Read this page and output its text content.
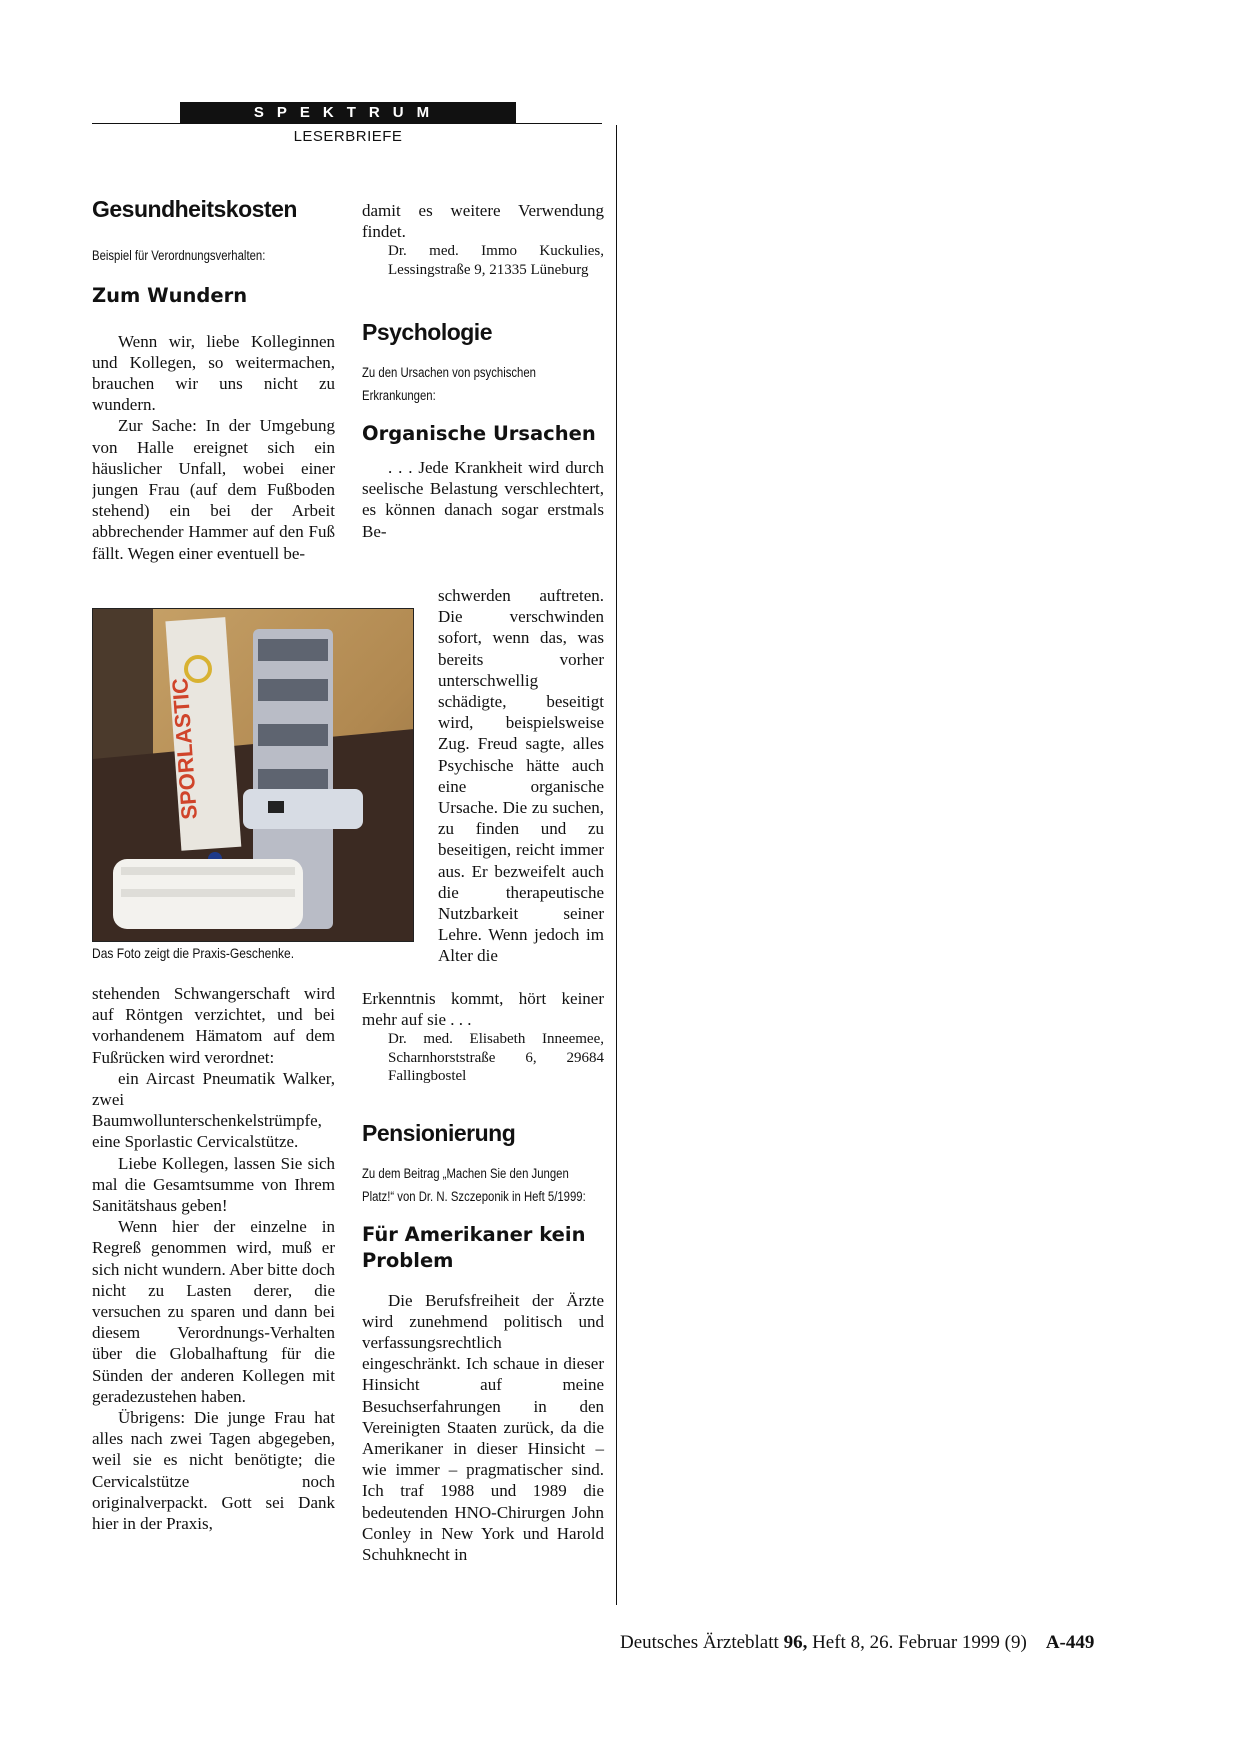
SPEKTRUM
LESERBRIEFE
Gesundheitskosten

Beispiel für Verordnungsverhalten:

Zum Wundern

Wenn wir, liebe Kolleginnen und Kollegen, so weitermachen, brauchen wir uns nicht zu wundern.

Zur Sache: In der Umgebung von Halle ereignet sich ein häuslicher Unfall, wobei einer jungen Frau (auf dem Fußboden stehend) ein bei der Arbeit abbrechender Hammer auf den Fuß fällt. Wegen einer eventuell be-

SPORLASTIC
Das Foto zeigt die Praxis-Geschenke.

stehenden Schwangerschaft wird auf Röntgen verzichtet, und bei vorhandenem Hämatom auf dem Fußrücken wird verordnet:

ein Aircast Pneumatik Walker, zwei Baumwollunterschenkelstrümpfe, eine Sporlastic Cervicalstütze.

Liebe Kollegen, lassen Sie sich mal die Gesamtsumme von Ihrem Sanitätshaus geben!

Wenn hier der einzelne in Regreß genommen wird, muß er sich nicht wundern. Aber bitte doch nicht zu Lasten derer, die versuchen zu sparen und dann bei diesem Verordnungs-Verhalten über die Globalhaftung für die Sünden der anderen Kollegen mit geradezustehen haben.

Übrigens: Die junge Frau hat alles nach zwei Tagen abgegeben, weil sie es nicht benötigte; die Cervicalstütze noch originalverpackt. Gott sei Dank hier in der Praxis,

damit es weitere Verwendung findet.

Dr. med. Immo Kuckulies, Lessingstraße 9, 21335 Lüneburg

Psychologie

Zu den Ursachen von psychischen Erkrankungen:

Organische Ursachen

. . . Jede Krankheit wird durch seelische Belastung verschlechtert, es können danach sogar erstmals Be-

schwerden auftreten. Die verschwinden sofort, wenn das, was bereits vorher unterschwellig schädigte, beseitigt wird, beispielsweise Zug. Freud sagte, alles Psychische hätte auch eine organische Ursache. Die zu suchen, zu finden und zu beseitigen, reicht immer aus. Er bezweifelt auch die therapeutische Nutzbarkeit seiner Lehre. Wenn jedoch im Alter die

Erkenntnis kommt, hört keiner mehr auf sie . . .

Dr. med. Elisabeth Inneemee, Scharnhorststraße 6, 29684 Fallingbostel

Pensionierung

Zu dem Beitrag „Machen Sie den Jungen Platz!“ von Dr. N. Szczeponik in Heft 5/1999:

Für Amerikaner kein Problem

Die Berufsfreiheit der Ärzte wird zunehmend politisch und verfassungsrechtlich eingeschränkt. Ich schaue in dieser Hinsicht auf meine Besuchserfahrungen in den Vereinigten Staaten zurück, da die Amerikaner in dieser Hinsicht – wie immer – pragmatischer sind. Ich traf 1988 und 1989 die bedeutenden HNO-Chirurgen John Conley in New York und Harold Schuhknecht in

Deutsches Ärzteblatt 96, Heft 8, 26. Februar 1999 (9) A-449
